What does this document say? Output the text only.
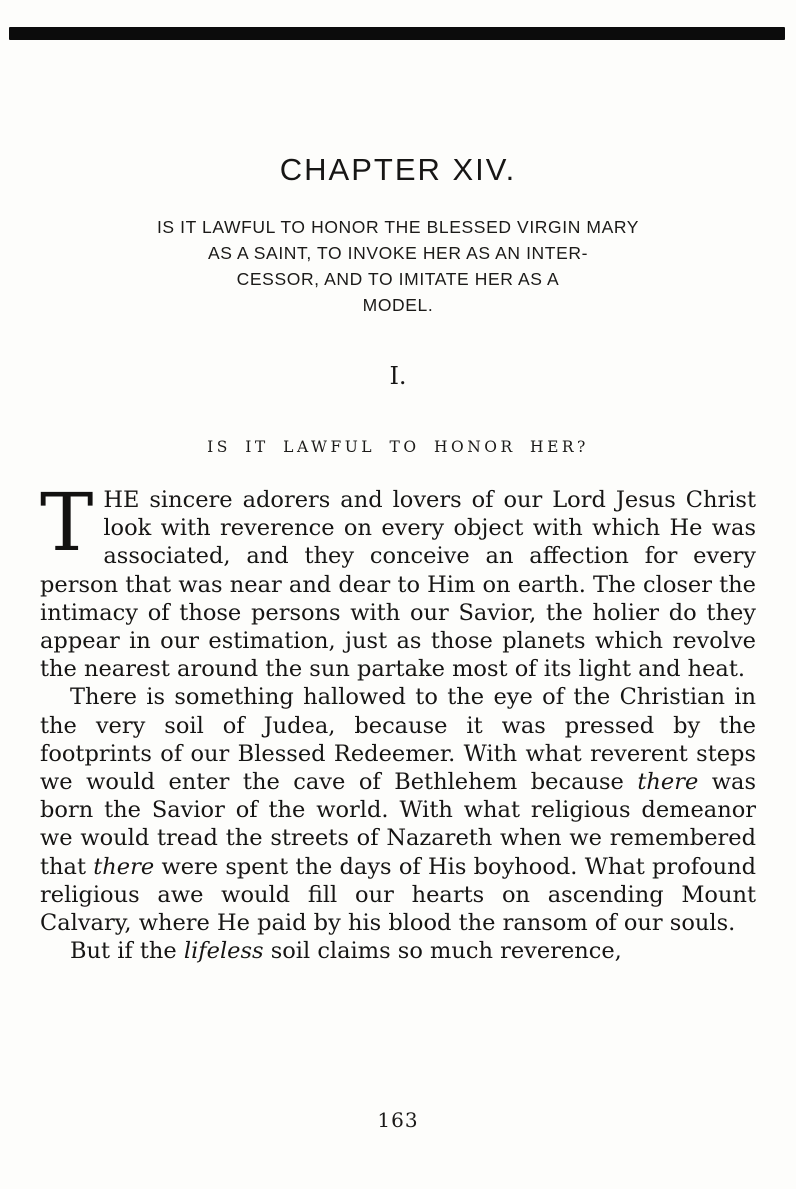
CHAPTER XIV.
IS IT LAWFUL TO HONOR THE BLESSED VIRGIN MARY
AS A SAINT, TO INVOKE HER AS AN INTER-
CESSOR, AND TO IMITATE HER AS A
MODEL.
I.
IS IT LAWFUL TO HONOR HER?

THE sincere adorers and lovers of our Lord Jesus Christ look with reverence on every object with which He was associated, and they conceive an affection for every person that was near and dear to Him on earth. The closer the intimacy of those persons with our Savior, the holier do they appear in our estimation, just as those planets which revolve the nearest around the sun partake most of its light and heat.

There is something hallowed to the eye of the Christian in the very soil of Judea, because it was pressed by the footprints of our Blessed Redeemer. With what reverent steps we would enter the cave of Bethlehem because there was born the Savior of the world. With what religious demeanor we would tread the streets of Nazareth when we remembered that there were spent the days of His boyhood. What profound religious awe would fill our hearts on ascending Mount Calvary, where He paid by his blood the ransom of our souls.

But if the lifeless soil claims so much reverence,

163
